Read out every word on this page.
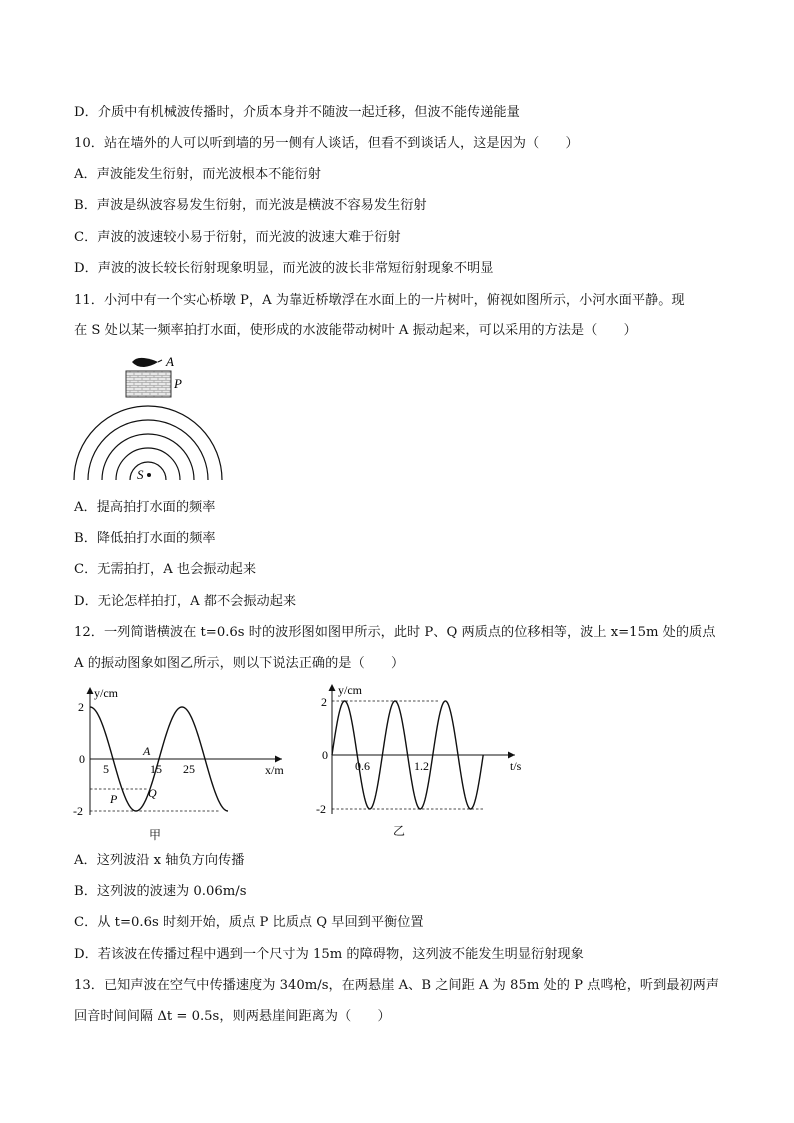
D．介质中有机械波传播时，介质本身并不随波一起迁移，但波不能传递能量
10．站在墙外的人可以听到墙的另一侧有人谈话，但看不到谈话人，这是因为（　　）
A．声波能发生衍射，而光波根本不能衍射
B．声波是纵波容易发生衍射，而光波是横波不容易发生衍射
C．声波的波速较小易于衍射，而光波的波速大难于衍射
D．声波的波长较长衍射现象明显，而光波的波长非常短衍射现象不明显
11．小河中有一个实心桥墩 P，A 为靠近桥墩浮在水面上的一片树叶，俯视如图所示，小河水面平静。现
在 S 处以某一频率拍打水面，使形成的水波能带动树叶 A 振动起来，可以采用的方法是（　　）
A
P
S
A．提高拍打水面的频率
B．降低拍打水面的频率
C．无需拍打，A 也会振动起来
D．无论怎样拍打，A 都不会振动起来
12．一列简谐横波在 t=0.6s 时的波形图如图甲所示，此时 P、Q 两质点的位移相等，波上 x=15m 处的质点
A 的振动图象如图乙所示，则以下说法正确的是（　　）
y/cm
x/m
2
0
-2
5	15 25
A
P	Q
甲
y/cm
t/s
2
0
-2
0.6	1.2
乙
A．这列波沿 x 轴负方向传播
B．这列波的波速为 0.06m/s
C．从 t=0.6s 时刻开始，质点 P 比质点 Q 早回到平衡位置
D．若该波在传播过程中遇到一个尺寸为 15m 的障碍物，这列波不能发生明显衍射现象
13．已知声波在空气中传播速度为 340m/s，在两悬崖 A、B 之间距 A 为 85m 处的 P 点鸣枪，听到最初两声
回音时间间隔 Δt = 0.5s，则两悬崖间距离为（　　）
